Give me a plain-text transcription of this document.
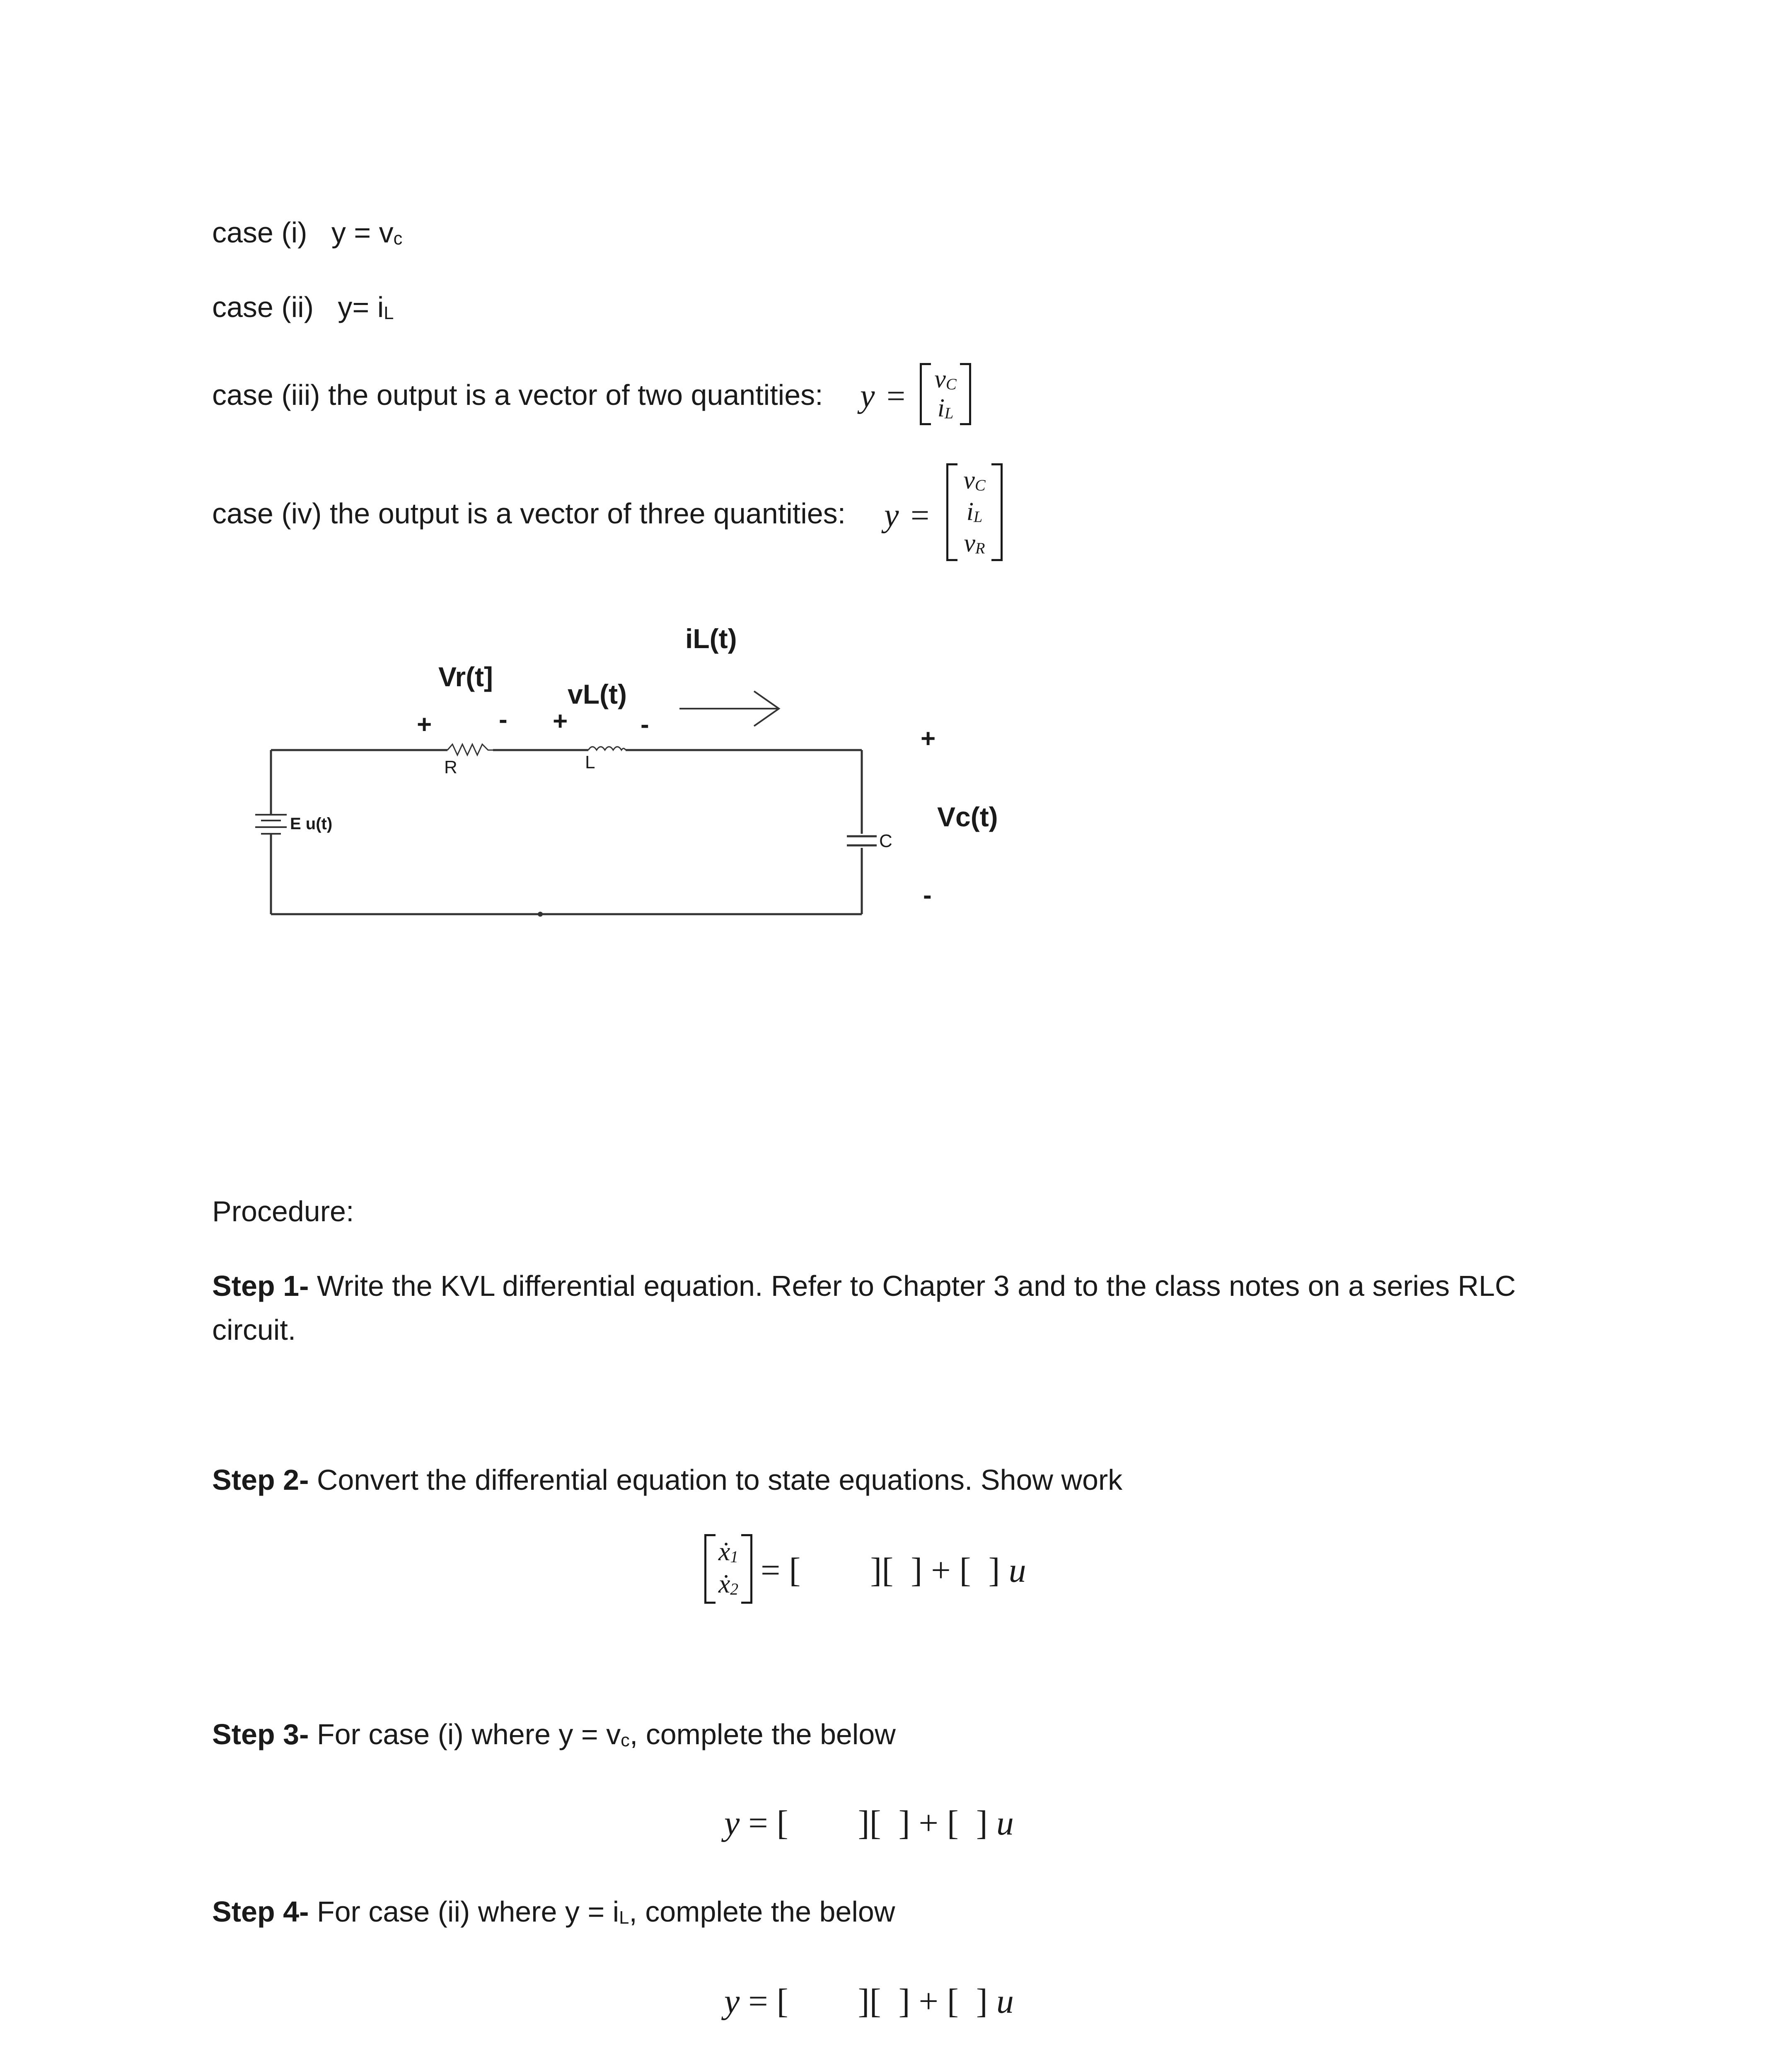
case (i) y = vc
case (ii) y= iL
case (iii) the output is a vector of two quantities: y =	vC
iL
case (iv) the output is a vector of three quantities: y =
vC
iL
vR
iL(t)
Vr(t]
vL(t)
Vc(t)
+	- +	-	+
-
R	L
C
E u(t)
Procedure:
Step 1- Write the KVL differential equation. Refer to Chapter 3 and to the class notes on a series RLC
circuit.
Step 2- Convert the differential equation to state equations. Show work
ẋ1
ẋ2 = [        ][  ] + [  ] u
Step 3- For case (i) where y = vc, complete the below
y = [        ][  ] + [  ] u
Step 4- For case (ii) where y = iL, complete the below
y = [        ][  ] + [  ] u
